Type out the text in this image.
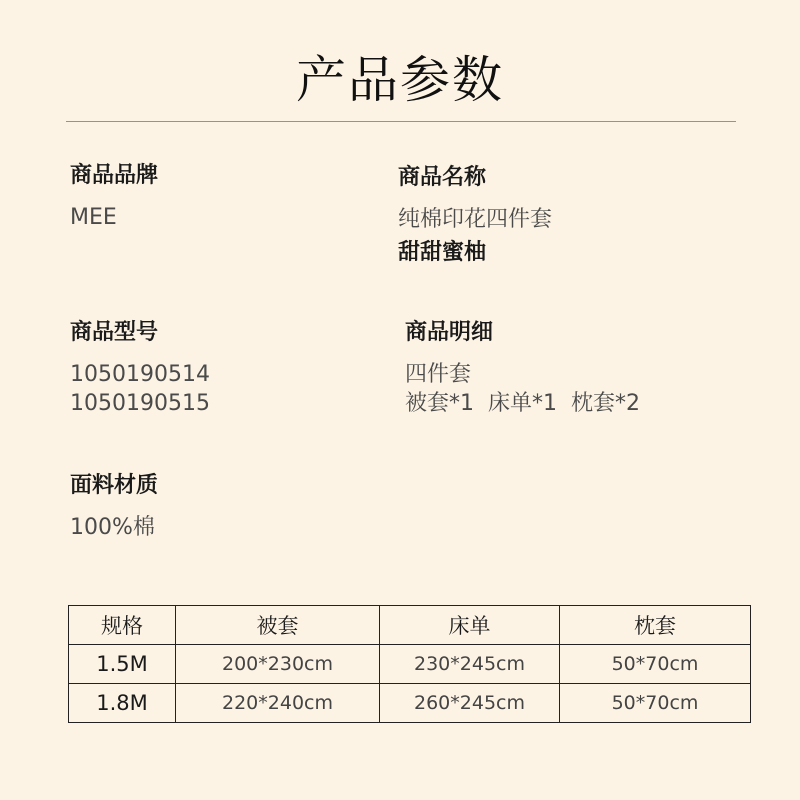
产品参数
商品品牌
MEE
商品名称
纯棉印花四件套
甜甜蜜柚
商品型号
1050190514
1050190515
商品明细
四件套
被套*1  床单*1  枕套*2
面料材质
100%棉
规格	被套	床单	枕套
1.5M	200*230cm	230*245cm	50*70cm
1.8M	220*240cm	260*245cm	50*70cm
